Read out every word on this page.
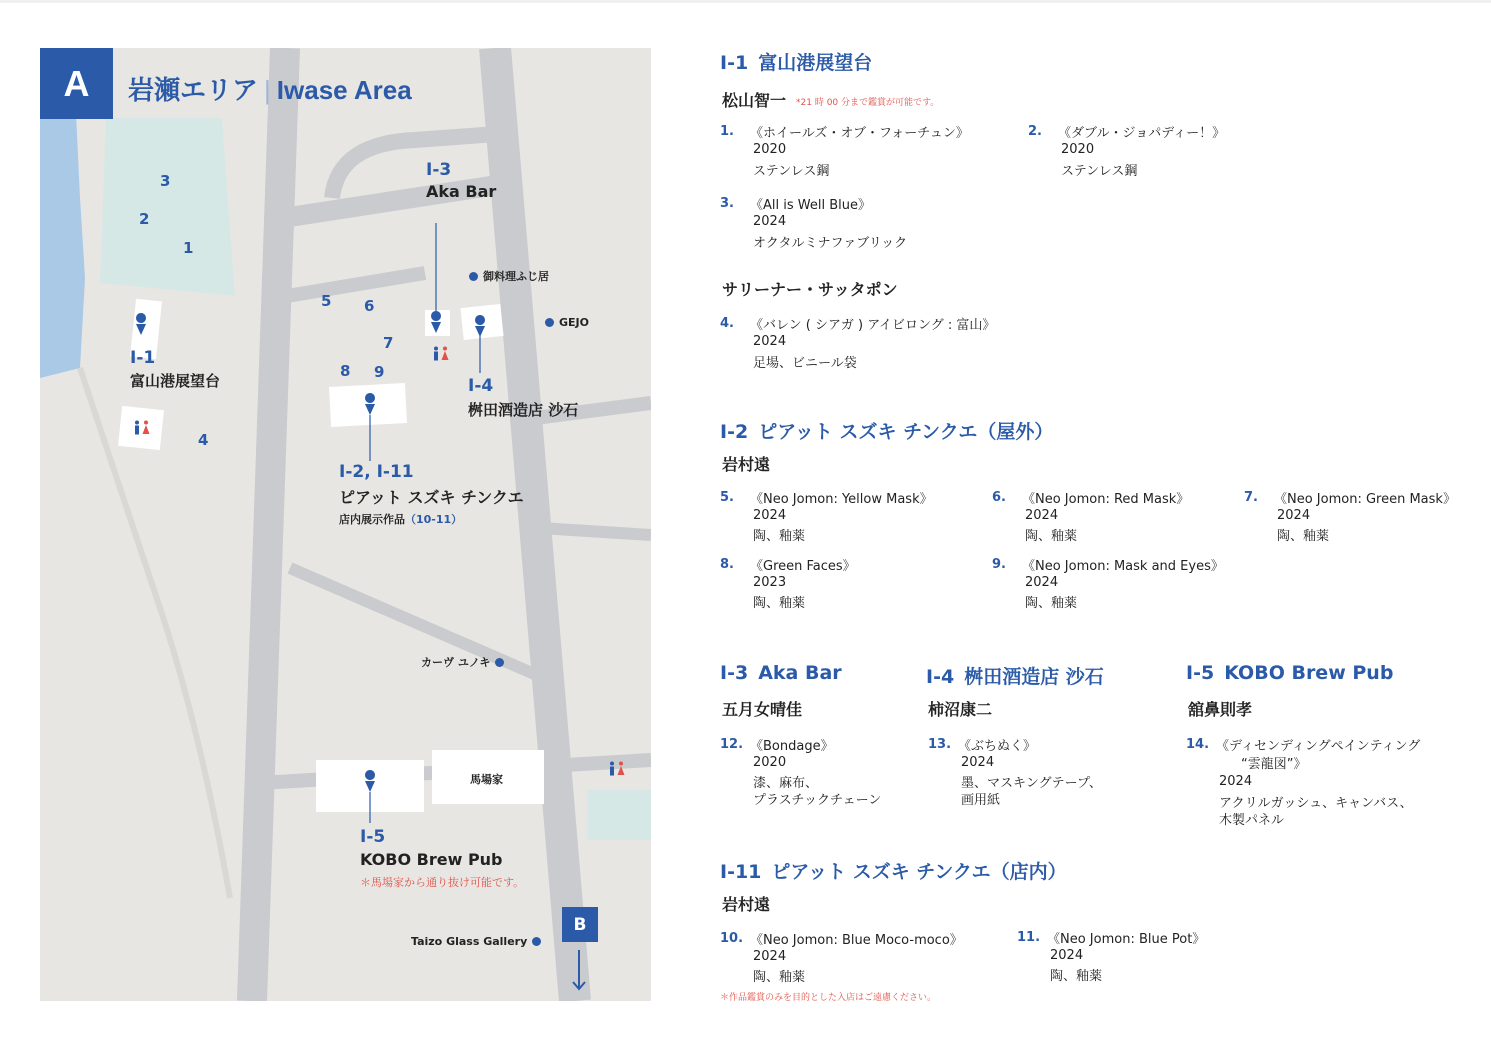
A	岩瀬エリア | Iwase Area
3
2
1
4
5 6
7
8 9
I-1
富山港展望台
I-3
Aka Bar
I-4
桝田酒造店 沙石
I-2, I-11
ピアット スズキ チンクエ
店内展示作品（10-11）
I-5
KOBO Brew Pub
＊馬場家から通り抜け可能です。
御料理ふじ居
GEJO
カーヴ ユノキ
Taizo Glass Gallery
馬場家
B
I-1 富山港展望台
松山智一 *21 時 00 分まで鑑賞が可能です。
1. 《ホイールズ・オブ・フォーチュン》
2020
ステンレス鋼
2. 《ダブル・ジョパディー！》
2020
ステンレス鋼
3. 《All is Well Blue》
2024
オクタルミナファブリック
サリーナー・サッタポン
4. 《バレン ( シアガ ) アイビロング : 富山》
2024
足場、ビニール袋
I-2 ピアット スズキ チンクエ（屋外）
岩村遠
5. 《Neo Jomon: Yellow Mask》
2024
陶、釉薬
6. 《Neo Jomon: Red Mask》
2024
陶、釉薬
7. 《Neo Jomon: Green Mask》
2024
陶、釉薬
8. 《Green Faces》
2023
陶、釉薬
9. 《Neo Jomon: Mask and Eyes》
2024
陶、釉薬
I-3 Aka Bar
五月女晴佳
12. 《Bondage》
2020
漆、麻布、
プラスチックチェーン
I-4 桝田酒造店 沙石
柿沼康二
13. 《ぶちぬく》
2024
墨、マスキングテープ、
画用紙
I-5 KOBO Brew Pub
舘鼻則孝
14. 《ディセンディングペインティング
“雲龍図”》
2024
アクリルガッシュ、キャンバス、
木製パネル
I-11 ピアット スズキ チンクエ（店内）
岩村遠
10. 《Neo Jomon: Blue Moco-moco》
2024
陶、釉薬
11. 《Neo Jomon: Blue Pot》
2024
陶、釉薬
＊作品鑑賞のみを目的とした入店はご遠慮ください。
